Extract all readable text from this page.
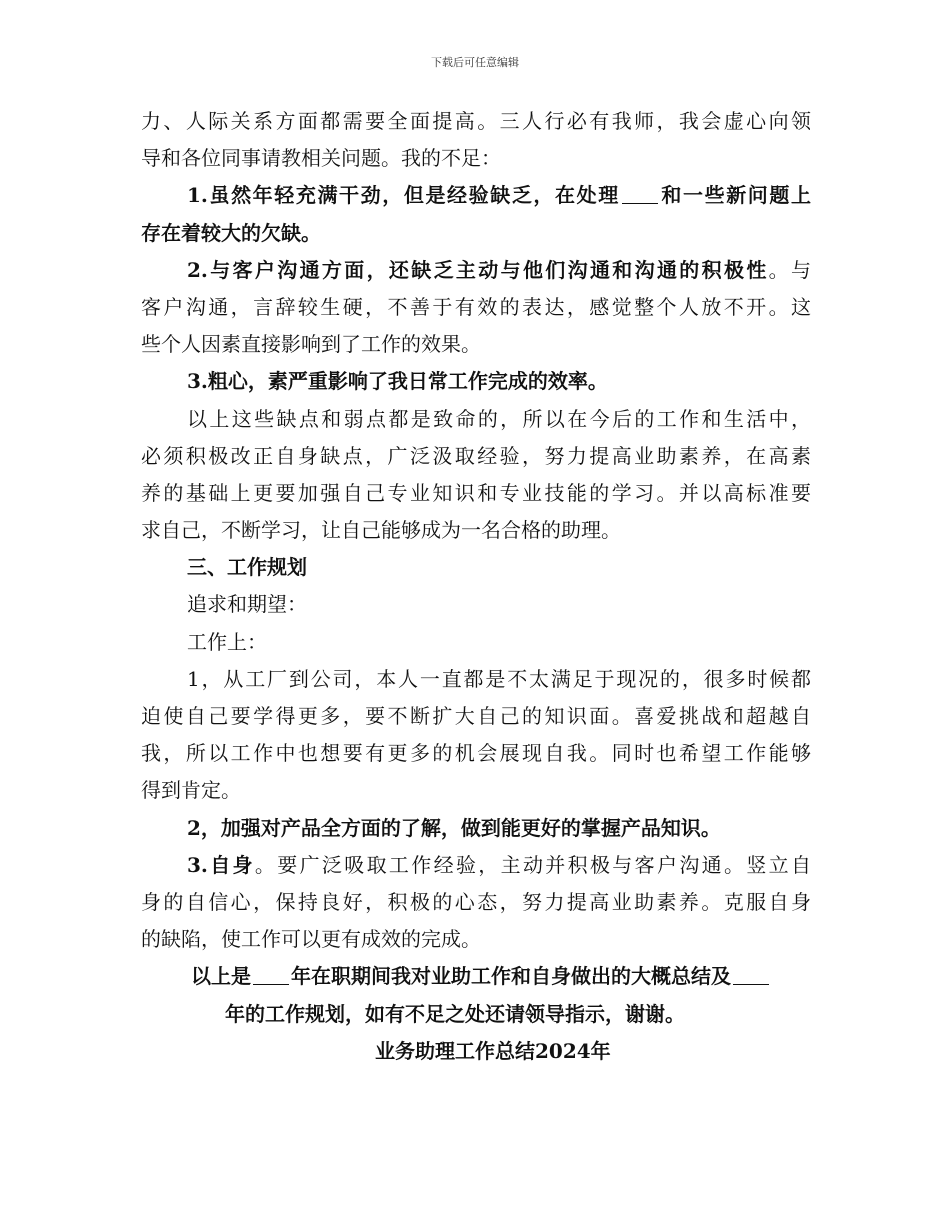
下载后可任意编辑
力、人际关系方面都需要全面提高。三人行必有我师，我会虚心向领
导和各位同事请教相关问题。我的不足：
1.虽然年轻充满干劲，但是经验缺乏，在处理 和一些新问题上
存在着较大的欠缺。
2.与客户沟通方面，还缺乏主动与他们沟通和沟通的积极性。与
客户沟通，言辞较生硬，不善于有效的表达，感觉整个人放不开。这
些个人因素直接影响到了工作的效果。
3.粗心，素严重影响了我日常工作完成的效率。
以上这些缺点和弱点都是致命的，所以在今后的工作和生活中，
必须积极改正自身缺点，广泛汲取经验，努力提高业助素养，在高素
养的基础上更要加强自己专业知识和专业技能的学习。并以高标准要
求自己，不断学习，让自己能够成为一名合格的助理。
三、工作规划
追求和期望：
工作上：
1，从工厂到公司，本人一直都是不太满足于现况的，很多时候都
迫使自己要学得更多，要不断扩大自己的知识面。喜爱挑战和超越自
我，所以工作中也想要有更多的机会展现自我。同时也希望工作能够
得到肯定。
2，加强对产品全方面的了解，做到能更好的掌握产品知识。
3.自身。要广泛吸取工作经验，主动并积极与客户沟通。竖立自
身的自信心，保持良好，积极的心态，努力提高业助素养。克服自身
的缺陷，使工作可以更有成效的完成。
以上是 年在职期间我对业助工作和自身做出的大概总结及
年的工作规划，如有不足之处还请领导指示，谢谢。
业务助理工作总结2024年
